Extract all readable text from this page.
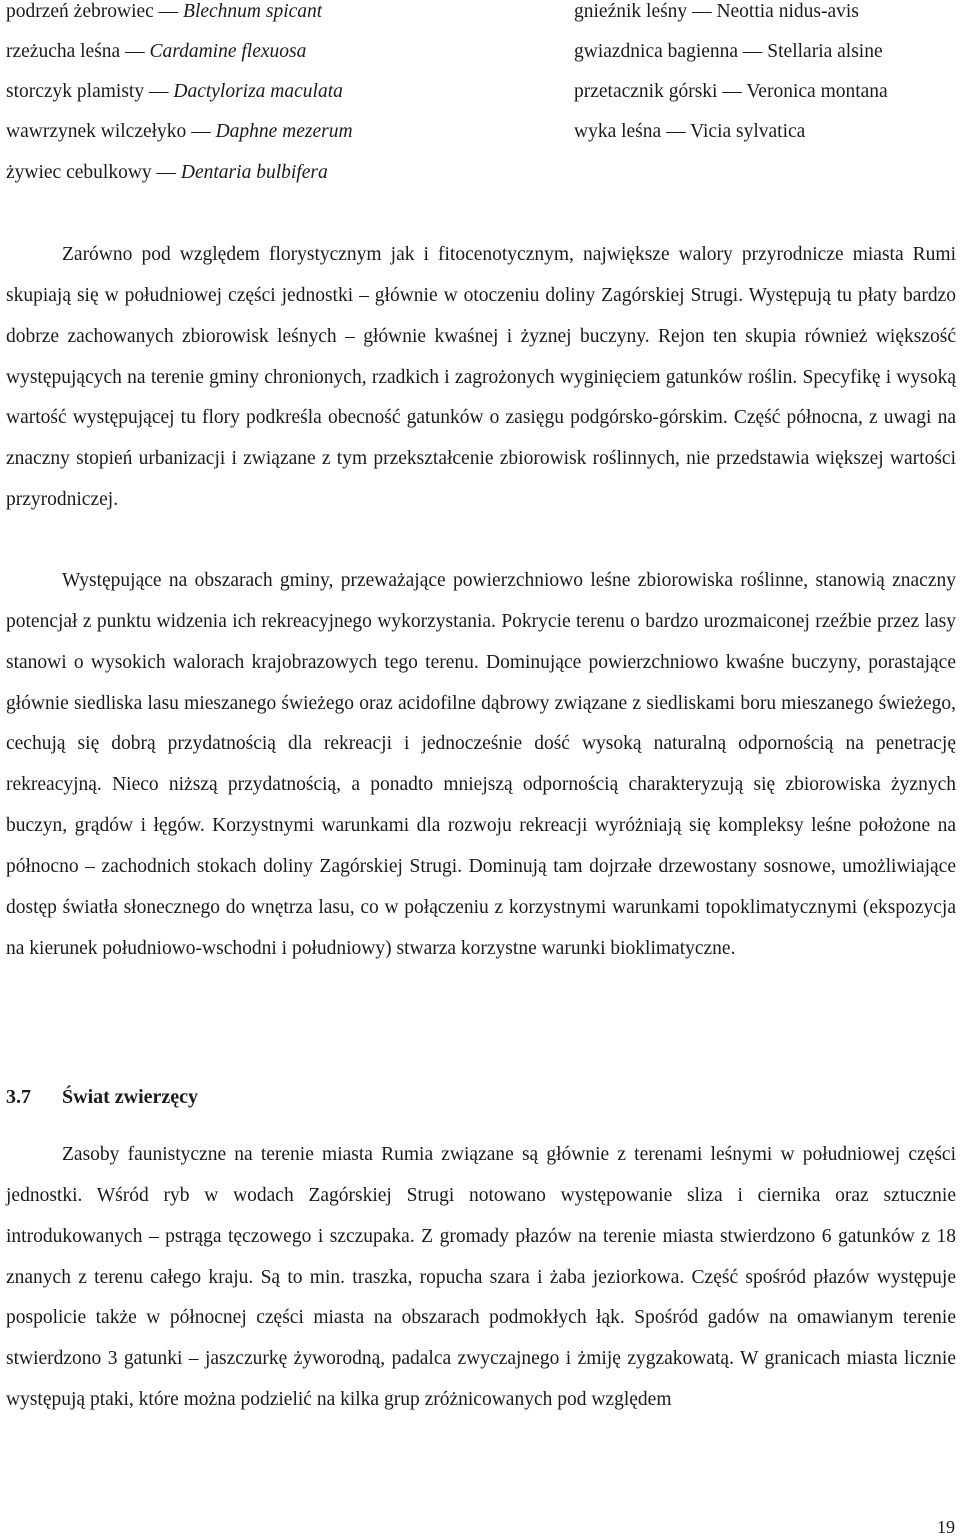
podrzeń żebrowiec — Blechnum spicant
rzeżucha leśna — Cardamine flexuosa
storczyk plamisty — Dactyloriza maculata
wawrzynek wilczełyko — Daphne mezerum
żywiec cebulkowy — Dentaria bulbifera
gnieźnik leśny — Neottia nidus-avis
gwiazdnica bagienna — Stellaria alsine
przetacznik górski — Veronica montana
wyka leśna — Vicia sylvatica

Zarówno pod względem florystycznym jak i fitocenotycznym, największe walory przyrodnicze miasta Rumi skupiają się w południowej części jednostki – głównie w otoczeniu doliny Zagórskiej Strugi. Występują tu płaty bardzo dobrze zachowanych zbiorowisk leśnych – głównie kwaśnej i żyznej buczyny. Rejon ten skupia również większość występujących na terenie gminy chronionych, rzadkich i zagrożonych wyginięciem gatunków roślin. Specyfikę i wysoką wartość występującej tu flory podkreśla obecność gatunków o zasięgu podgórsko-górskim. Część północna, z uwagi na znaczny stopień urbanizacji i związane z tym przekształcenie zbiorowisk roślinnych, nie przedstawia większej wartości przyrodniczej.

Występujące na obszarach gminy, przeważające powierzchniowo leśne zbiorowiska roślinne, stanowią znaczny potencjał z punktu widzenia ich rekreacyjnego wykorzystania. Pokrycie terenu o bardzo urozmaiconej rzeźbie przez lasy stanowi o wysokich walorach krajobrazowych tego terenu. Dominujące powierzchniowo kwaśne buczyny, porastające głównie siedliska lasu mieszanego świeżego oraz acidofilne dąbrowy związane z siedliskami boru mieszanego świeżego, cechują się dobrą przydatnością dla rekreacji i jednocześnie dość wysoką naturalną odpornością na penetrację rekreacyjną. Nieco niższą przydatnością, a ponadto mniejszą odpornością charakteryzują się zbiorowiska żyznych buczyn, grądów i łęgów. Korzystnymi warunkami dla rozwoju rekreacji wyróżniają się kompleksy leśne położone na północno – zachodnich stokach doliny Zagórskiej Strugi. Dominują tam dojrzałe drzewostany sosnowe, umożliwiające dostęp światła słonecznego do wnętrza lasu, co w połączeniu z korzystnymi warunkami topoklimatycznymi (ekspozycja na kierunek południowo-wschodni i południowy) stwarza korzystne warunki bioklimatyczne.

3.7 Świat zwierzęcy

Zasoby faunistyczne na terenie miasta Rumia związane są głównie z terenami leśnymi w południowej części jednostki. Wśród ryb w wodach Zagórskiej Strugi notowano występowanie sliza i ciernika oraz sztucznie introdukowanych – pstrąga tęczowego i szczupaka. Z gromady płazów na terenie miasta stwierdzono 6 gatunków z 18 znanych z terenu całego kraju. Są to min. traszka, ropucha szara i żaba jeziorkowa. Część spośród płazów występuje pospolicie także w północnej części miasta na obszarach podmokłych łąk. Spośród gadów na omawianym terenie stwierdzono 3 gatunki – jaszczurkę żyworodną, padalca zwyczajnego i żmiję zygzakowatą. W granicach miasta licznie występują ptaki, które można podzielić na kilka grup zróżnicowanych pod względem

19
